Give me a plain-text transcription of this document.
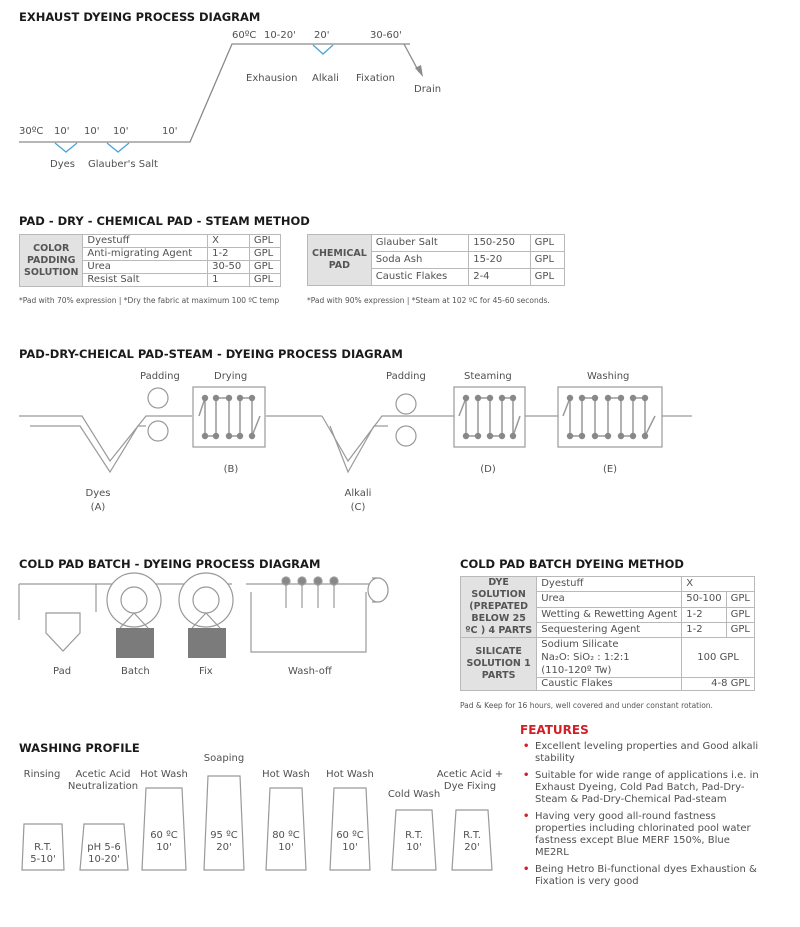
EXHAUST DYEING PROCESS DIAGRAM
30ºC 10' 10' 10'	10'
Dyes Glauber's Salt
60ºC 10-20' 20'	30-60'
Exhausion Alkali Fixation
Drain
PAD - DRY - CHEMICAL PAD - STEAM METHOD
COLOR PADDING SOLUTION	Dyestuff	X	GPL
	Anti-migrating Agent	1-2	GPL
	Urea	30-50	GPL
	Resist Salt	1	GPL
*Pad with 70% expression | *Dry the fabric at maximum 100 ºC temp
CHEMICAL PAD	Glauber Salt	150-250	GPL
	Soda Ash	15-20	GPL
	Caustic Flakes	2-4	GPL
*Pad with 90% expression | *Steam at 102 ºC for 45-60 seconds.
PAD-DRY-CHEICAL PAD-STEAM - DYEING PROCESS DIAGRAM
Padding	Drying	Padding	Steaming	Washing
(B)	(D)	(E)
Dyes
(A)
Alkali
(C)
COLD PAD BATCH - DYEING PROCESS DIAGRAM
Pad	Batch	Fix	Wash-off
COLD PAD BATCH DYEING METHOD
DYE SOLUTION (PREPATED BELOW 25 ºC ) 4 PARTS	Dyestuff	X	
	Urea	50-100	GPL
	Wetting & Rewetting Agent	1-2	GPL
	Sequestering Agent	1-2	GPL
SILICATE SOLUTION 1 PARTS	Sodium Silicate
Na₂O: SiO₂ : 1:2:1
(110-120º Tw)	100 GPL	
	Caustic Flakes	4-8 GPL	
Pad & Keep for 16 hours, well covered and under constant rotation.
WASHING PROFILE
Rinsing	Acetic Acid Neutralization
Hot Wash
Soaping
Hot Wash	Hot Wash
Cold Wash
Acetic Acid + Dye Fixing
R.T.
5-10'
pH 5-6
10-20'
60 ºC
10'
95 ºC
20'
80 ºC
10'
60 ºC
10'
R.T.
10'
R.T.
20'
FEATURES
• Excellent leveling properties and Good alkali stability
• Suitable for wide range of applications i.e. in Exhaust Dyeing, Cold Pad Batch, Pad-Dry-Steam & Pad-Dry-Chemical Pad-steam
• Having very good all-round fastness properties including chlorinated pool water fastness except Blue MERF 150%, Blue ME2RL
• Being Hetro Bi-functional dyes Exhaustion & Fixation is very good
